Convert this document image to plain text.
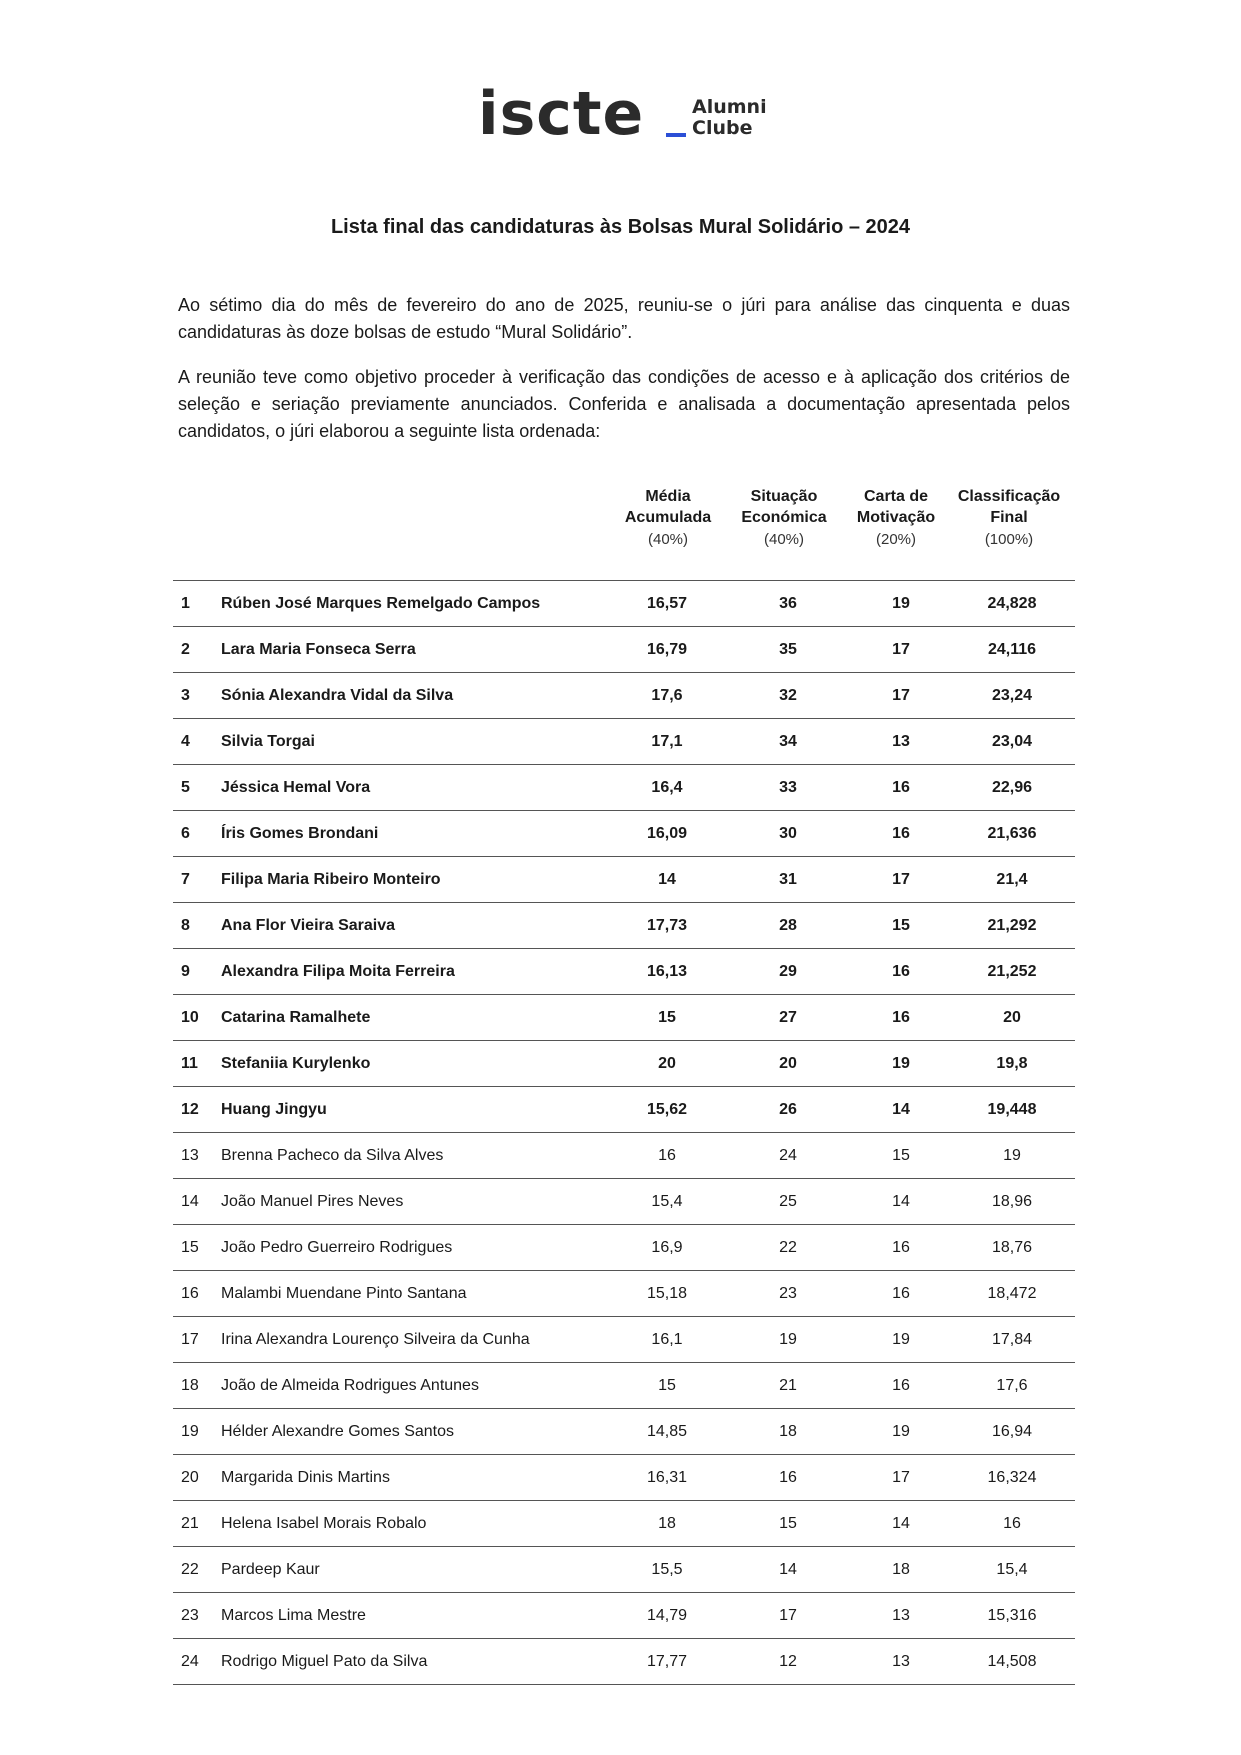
iscte	Alumni
Clube
Lista final das candidaturas às Bolsas Mural Solidário – 2024

Ao sétimo dia do mês de fevereiro do ano de 2025, reuniu-se o júri para análise das cinquenta e duas candidaturas às doze bolsas de estudo “Mural Solidário”.

A reunião teve como objetivo proceder à verificação das condições de acesso e à aplicação dos critérios de seleção e seriação previamente anunciados. Conferida e analisada a documentação apresentada pelos candidatos, o júri elaborou a seguinte lista ordenada:

Média
Acumulada
(40%)
Situação
Económica
(40%)
Carta de
Motivação
(20%)
Classificação
Final
(100%)
1	Rúben José Marques Remelgado Campos	16,57	36	19	24,828
2	Lara Maria Fonseca Serra	16,79	35	17	24,116
3	Sónia Alexandra Vidal da Silva	17,6	32	17	23,24
4	Silvia Torgai	17,1	34	13	23,04
5	Jéssica Hemal Vora	16,4	33	16	22,96
6	Íris Gomes Brondani	16,09	30	16	21,636
7	Filipa Maria Ribeiro Monteiro	14	31	17	21,4
8	Ana Flor Vieira Saraiva	17,73	28	15	21,292
9	Alexandra Filipa Moita Ferreira	16,13	29	16	21,252
10	Catarina Ramalhete	15	27	16	20
11	Stefaniia Kurylenko	20	20	19	19,8
12	Huang Jingyu	15,62	26	14	19,448
13	Brenna Pacheco da Silva Alves	16	24	15	19
14	João Manuel Pires Neves	15,4	25	14	18,96
15	João Pedro Guerreiro Rodrigues	16,9	22	16	18,76
16	Malambi Muendane Pinto Santana	15,18	23	16	18,472
17	Irina Alexandra Lourenço Silveira da Cunha	16,1	19	19	17,84
18	João de Almeida Rodrigues Antunes	15	21	16	17,6
19	Hélder Alexandre Gomes Santos	14,85	18	19	16,94
20	Margarida Dinis Martins	16,31	16	17	16,324
21	Helena Isabel Morais Robalo	18	15	14	16
22	Pardeep Kaur	15,5	14	18	15,4
23	Marcos Lima Mestre	14,79	17	13	15,316
24	Rodrigo Miguel Pato da Silva	17,77	12	13	14,508
